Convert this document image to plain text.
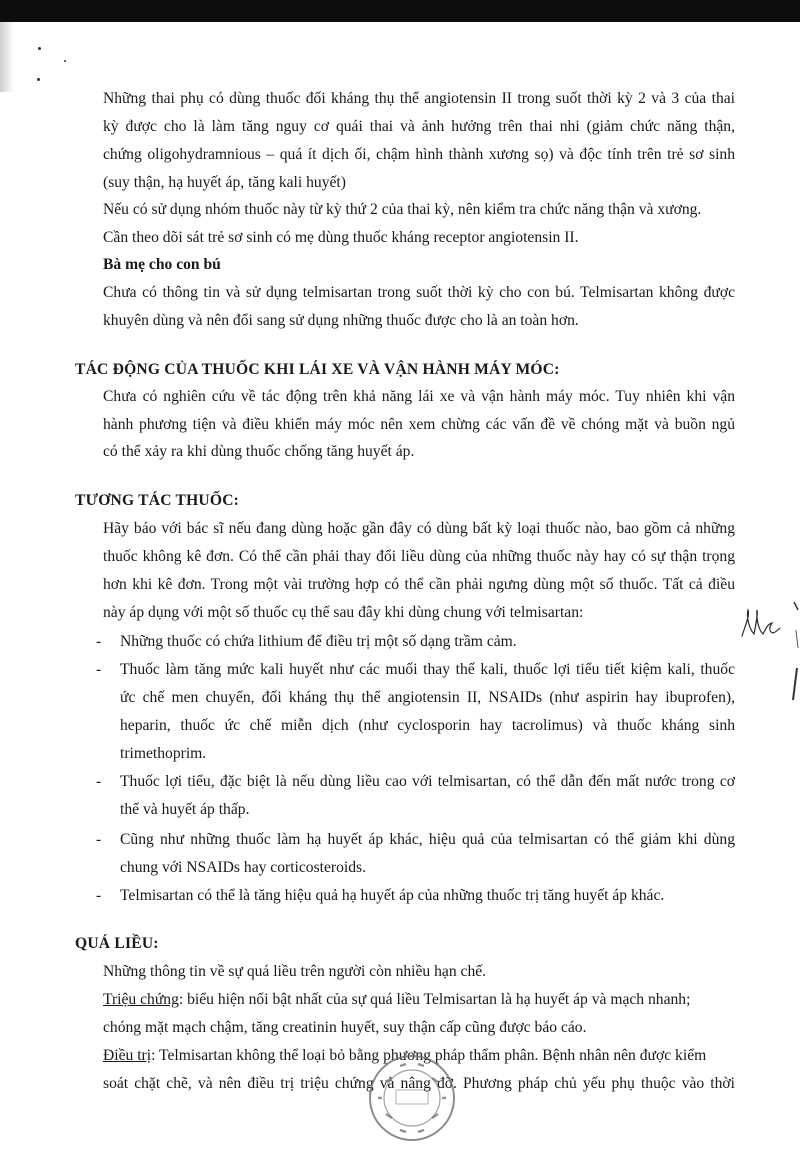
Những thai phụ có dùng thuốc đối kháng thụ thể angiotensin II trong suốt thời kỳ 2 và 3 của thai
kỳ được cho là làm tăng nguy cơ quái thai và ảnh hưởng trên thai nhi (giảm chức năng thận,
chứng oligohydramnious – quá ít dịch ối, chậm hình thành xương sọ) và độc tính trên trẻ sơ sinh
(suy thận, hạ huyết áp, tăng kali huyết)
Nếu có sử dụng nhóm thuốc này từ kỳ thứ 2 của thai kỳ, nên kiểm tra chức năng thận và xương.
Cần theo dõi sát trẻ sơ sinh có mẹ dùng thuốc kháng receptor angiotensin II.
Bà mẹ cho con bú
Chưa có thông tin và sử dụng telmisartan trong suốt thời kỳ cho con bú. Telmisartan không được
khuyên dùng và nên đổi sang sử dụng những thuốc được cho là an toàn hơn.
TÁC ĐỘNG CỦA THUỐC KHI LÁI XE VÀ VẬN HÀNH MÁY MÓC:
Chưa có nghiên cứu về tác động trên khả năng lái xe và vận hành máy móc. Tuy nhiên khi vận
hành phương tiện và điều khiển máy móc nên xem chừng các vấn đề về chóng mặt và buồn ngủ
có thể xảy ra khi dùng thuốc chống tăng huyết áp.
TƯƠNG TÁC THUỐC:
Hãy báo với bác sĩ nếu đang dùng hoặc gần đây có dùng bất kỳ loại thuốc nào, bao gồm cả những
thuốc không kê đơn. Có thể cần phải thay đổi liều dùng của những thuốc này hay có sự thận trọng
hơn khi kê đơn. Trong một vài trường hợp có thể cần phải ngưng dùng một số thuốc. Tất cả điều
này áp dụng với một số thuốc cụ thể sau đây khi dùng chung với telmisartan:
- Những thuốc có chứa lithium để điều trị một số dạng trầm cảm.
- Thuốc làm tăng mức kali huyết như các muối thay thế kali, thuốc lợi tiểu tiết kiệm kali, thuốc
ức chế men chuyển, đối kháng thụ thể angiotensin II, NSAIDs (như aspirin hay ibuprofen),
heparin, thuốc ức chế miễn dịch (như cyclosporin hay tacrolimus) và thuốc kháng sinh
trimethoprim.
- Thuốc lợi tiểu, đặc biệt là nếu dùng liều cao với telmisartan, có thể dẫn đến mất nước trong cơ
thể và huyết áp thấp.
- Cũng như những thuốc làm hạ huyết áp khác, hiệu quả của telmisartan có thể giảm khi dùng
chung với NSAIDs hay corticosteroids.
- Telmisartan có thể là tăng hiệu quả hạ huyết áp của những thuốc trị tăng huyết áp khác.
QUÁ LIỀU:
Những thông tin về sự quá liều trên người còn nhiều hạn chế.
Triệu chứng: biểu hiện nổi bật nhất của sự quá liều Telmisartan là hạ huyết áp và mạch nhanh;
chóng mặt mạch chậm, tăng creatinin huyết, suy thận cấp cũng được báo cáo.
Điều trị: Telmisartan không thể loại bỏ bằng phương pháp thẩm phân. Bệnh nhân nên được kiểm
soát chặt chẽ, và nên điều trị triệu chứng và nâng đỡ. Phương pháp chủ yếu phụ thuộc vào thời
